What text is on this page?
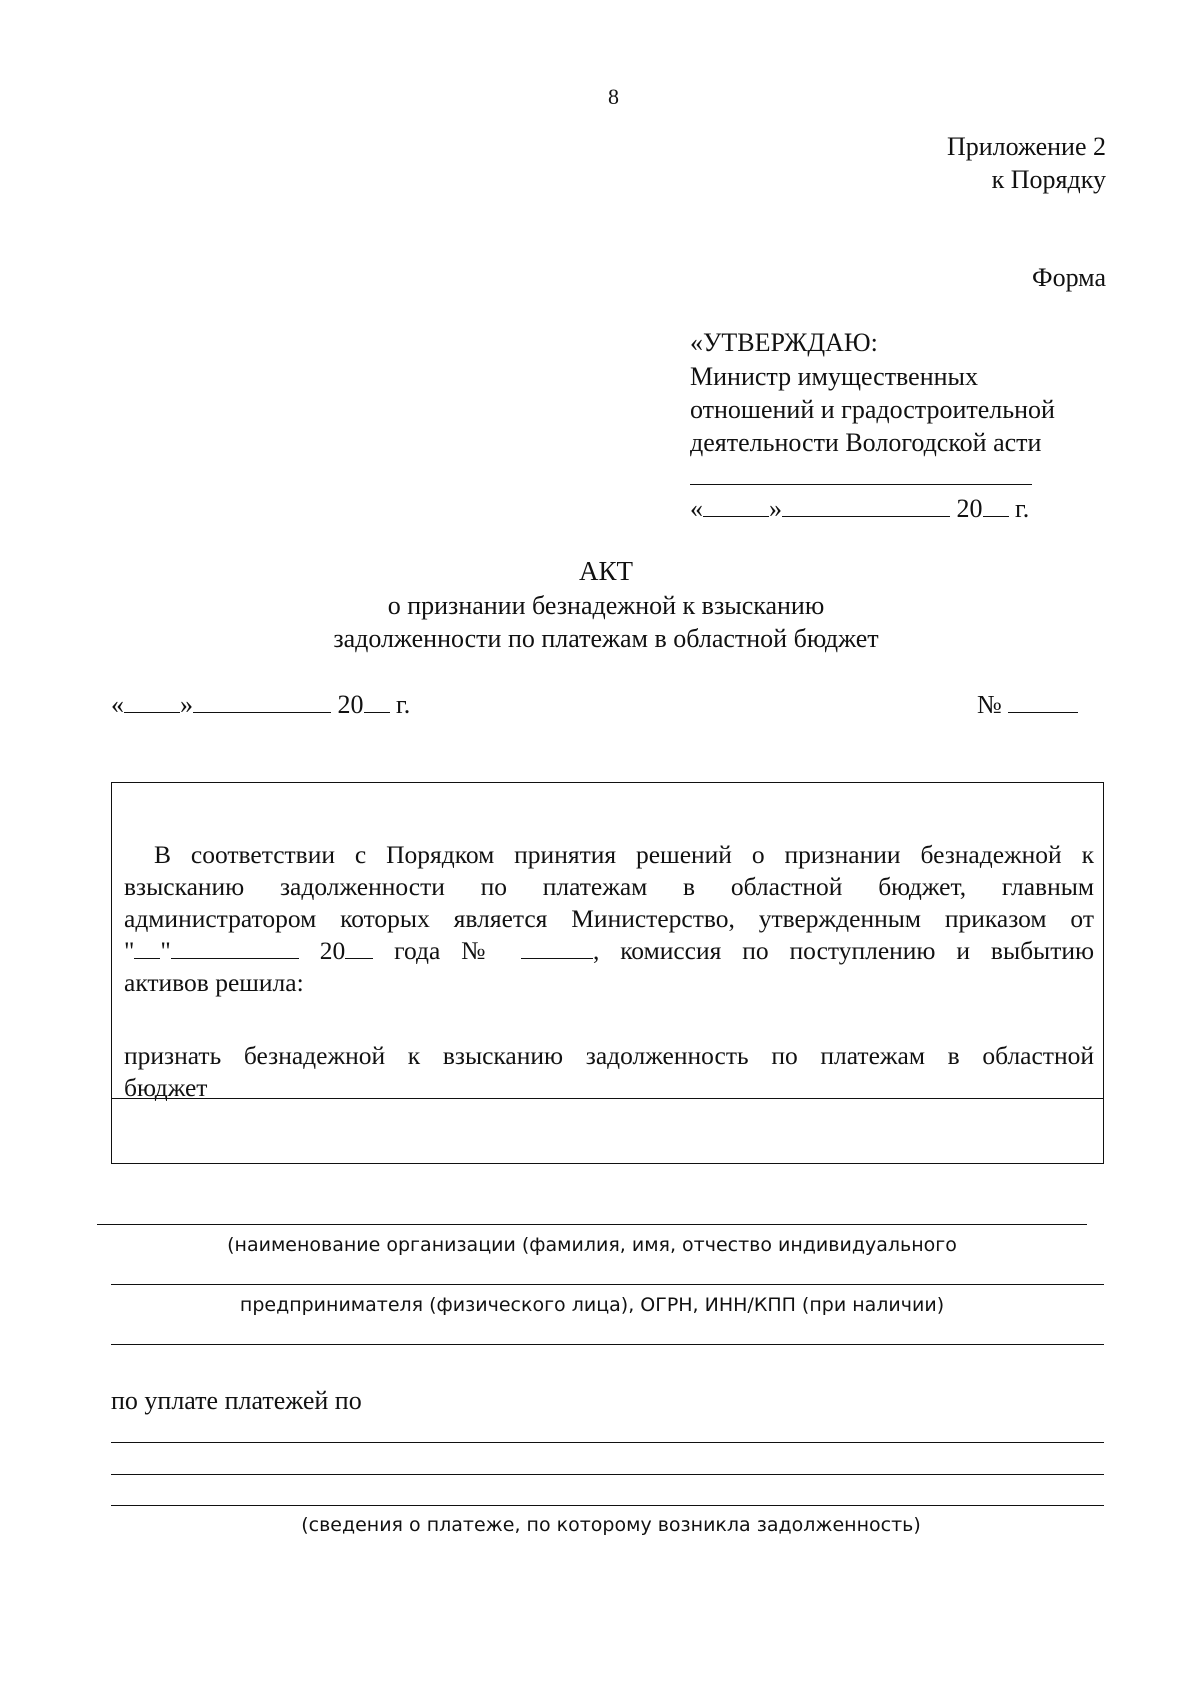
8
Приложение 2
к Порядку
Форма
«УТВЕРЖДАЮ:
Министр имущественных
отношений и градостроительной
деятельности Вологодской асти
«	»	20 г.
АКТ
о признании безнадежной к взысканию
задолженности по платежам в областной бюджет
« »	20 г.	№
В соответствии с Порядком принятия решений о признании безнадежной к
взысканию задолженности по платежам в областной бюджет, главным
администратором которых является Министерство, утвержденным приказом от
" "	20 года №	, комиссия по поступлению и выбытию
активов решила:
признать безнадежной к взысканию задолженность по платежам в областной
бюджет
(наименование организации (фамилия, имя, отчество индивидуального
предпринимателя (физического лица), ОГРН, ИНН/КПП (при наличии)
по уплате платежей по
(сведения о платеже, по которому возникла задолженность)
